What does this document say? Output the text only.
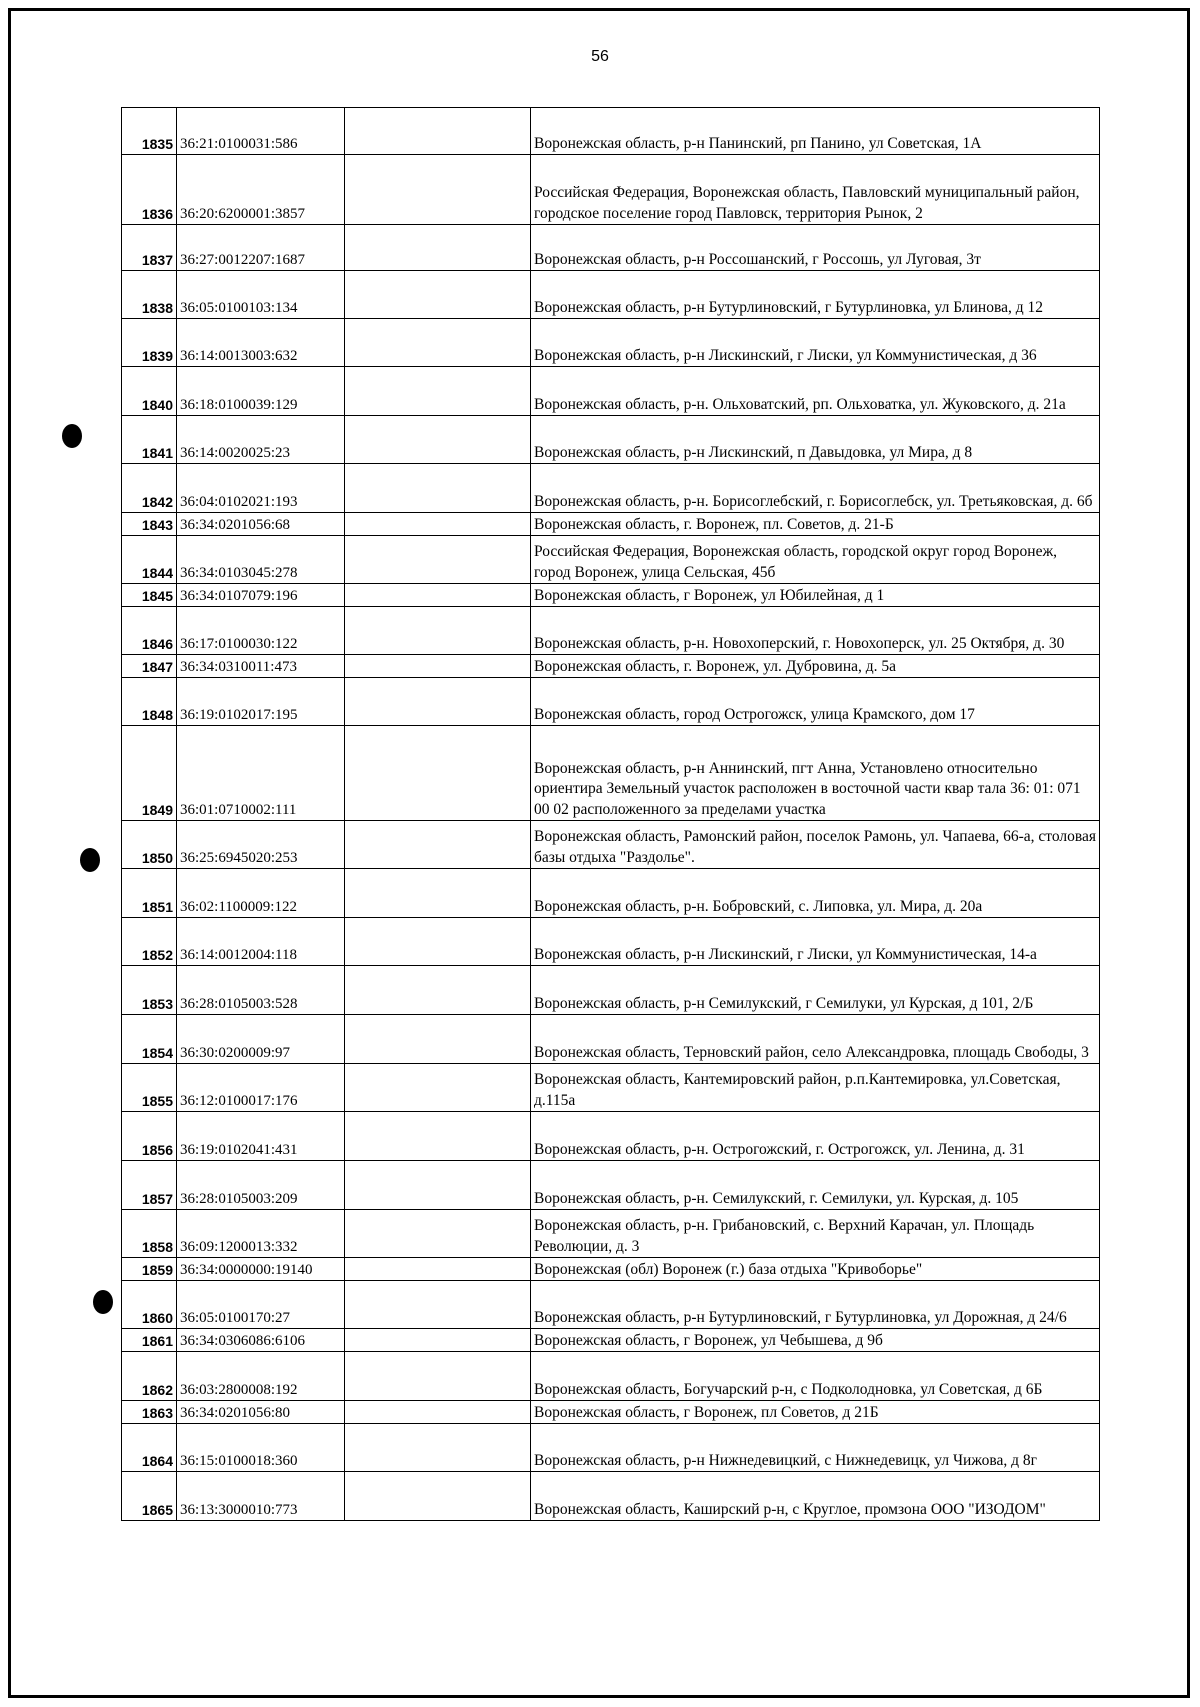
56
1835	36:21:0100031:586		Воронежская область, р-н Панинский, рп Панино, ул Советская, 1А
1836	36:20:6200001:3857		Российская Федерация, Воронежская область, Павловский муниципальный район, городское поселение город Павловск, территория Рынок, 2
1837	36:27:0012207:1687		Воронежская область, р-н Россошанский, г Россошь, ул Луговая, 3т
1838	36:05:0100103:134		Воронежская область, р-н Бутурлиновский, г Бутурлиновка, ул Блинова, д 12
1839	36:14:0013003:632		Воронежская область, р-н Лискинский, г Лиски, ул Коммунистическая, д 36
1840	36:18:0100039:129		Воронежская область, р-н. Ольховатский, рп. Ольховатка, ул. Жуковского, д. 21а
1841	36:14:0020025:23		Воронежская область, р-н Лискинский, п Давыдовка, ул Мира, д 8
1842	36:04:0102021:193		Воронежская область, р-н. Борисоглебский, г. Борисоглебск, ул. Третьяковская, д. 6б
1843	36:34:0201056:68		Воронежская область, г. Воронеж, пл. Советов, д. 21-Б
1844	36:34:0103045:278		Российская Федерация, Воронежская область, городской округ город Воронеж, город Воронеж, улица Сельская, 45б
1845	36:34:0107079:196		Воронежская область, г Воронеж, ул Юбилейная, д 1
1846	36:17:0100030:122		Воронежская область, р-н. Новохоперский, г. Новохоперск, ул. 25 Октября, д. 30
1847	36:34:0310011:473		Воронежская область, г. Воронеж, ул. Дубровина, д. 5а
1848	36:19:0102017:195		Воронежская область, город Острогожск, улица Крамского, дом 17
1849	36:01:0710002:111		Воронежская область, р-н Аннинский, пгт Анна, Установлено относительно ориентира Земельный участок расположен в восточной части квар тала 36: 01: 071 00 02 расположенного за пределами участка
1850	36:25:6945020:253		Воронежская область, Рамонский район, поселок Рамонь, ул. Чапаева, 66-а, столовая базы отдыха "Раздолье".
1851	36:02:1100009:122		Воронежская область, р-н. Бобровский, с. Липовка, ул. Мира, д. 20а
1852	36:14:0012004:118		Воронежская область, р-н Лискинский, г Лиски, ул Коммунистическая, 14-а
1853	36:28:0105003:528		Воронежская область, р-н Семилукский, г Семилуки, ул Курская, д 101, 2/Б
1854	36:30:0200009:97		Воронежская область, Терновский район, село Александровка, площадь Свободы, 3
1855	36:12:0100017:176		Воронежская область, Кантемировский район, р.п.Кантемировка, ул.Советская, д.115а
1856	36:19:0102041:431		Воронежская область, р-н. Острогожский, г. Острогожск, ул. Ленина, д. 31
1857	36:28:0105003:209		Воронежская область, р-н. Семилукский, г. Семилуки, ул. Курская, д. 105
1858	36:09:1200013:332		Воронежская область, р-н. Грибановский, с. Верхний Карачан, ул. Площадь Революции, д. 3
1859	36:34:0000000:19140		Воронежская (обл) Воронеж (г.) база отдыха "Кривоборье"
1860	36:05:0100170:27		Воронежская область, р-н Бутурлиновский, г Бутурлиновка, ул Дорожная, д 24/6
1861	36:34:0306086:6106		Воронежская область, г Воронеж, ул Чебышева, д 9б
1862	36:03:2800008:192		Воронежская область, Богучарский р-н, с Подколодновка, ул Советская, д 6Б
1863	36:34:0201056:80		Воронежская область, г Воронеж, пл Советов, д 21Б
1864	36:15:0100018:360		Воронежская область, р-н Нижнедевицкий, с Нижнедевицк, ул Чижова, д 8г
1865	36:13:3000010:773		Воронежская область, Каширский р-н, с Круглое, промзона ООО "ИЗОДОМ"
